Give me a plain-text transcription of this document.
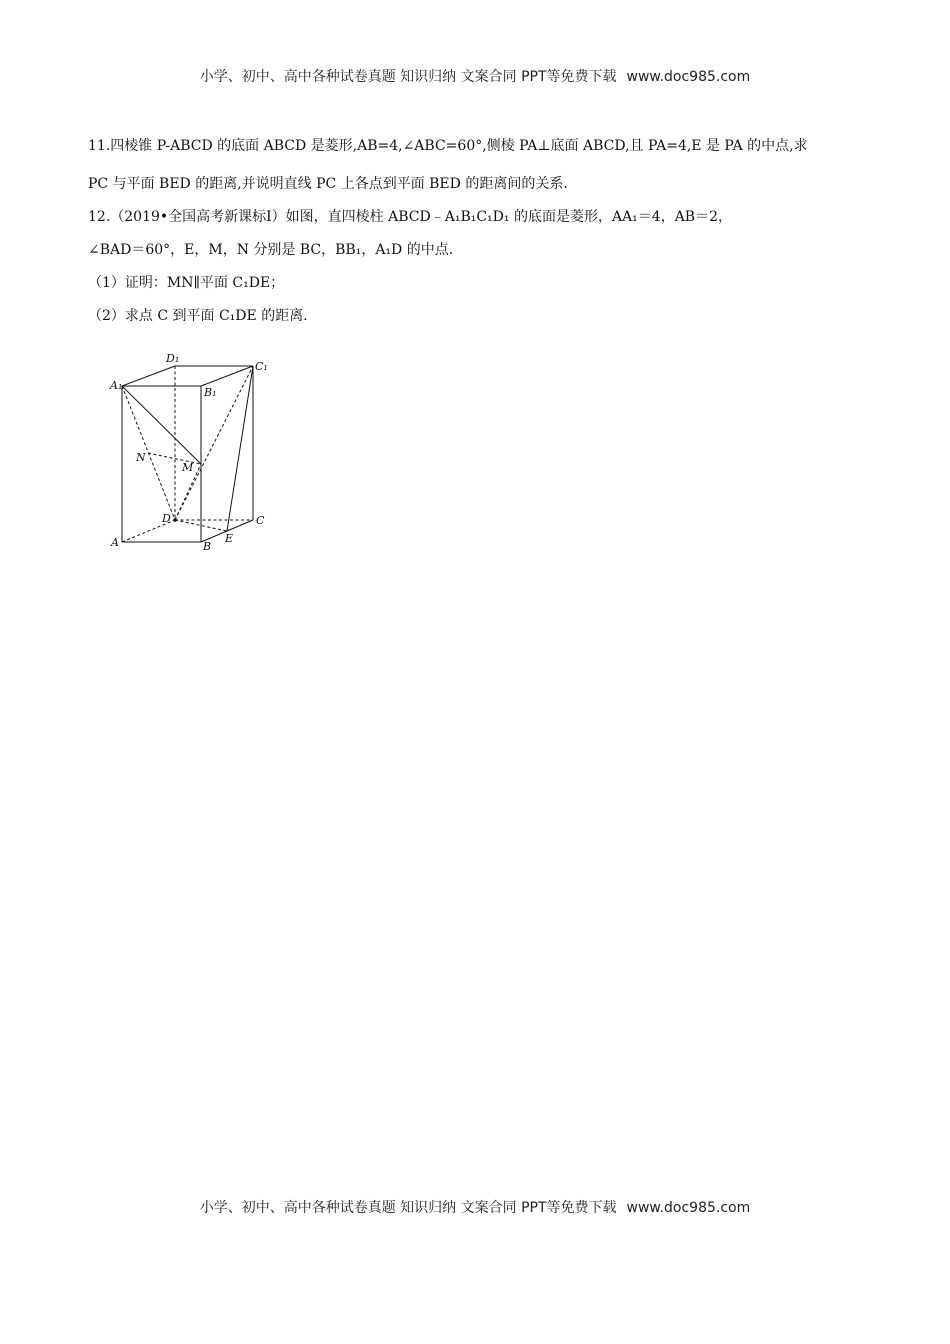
小学、初中、高中各种试卷真题 知识归纳 文案合同 PPT等免费下载 www.doc985.com
11.四棱锥 P-ABCD 的底面 ABCD 是菱形,AB=4,∠ABC=60°,侧棱 PA⊥底面 ABCD,且 PA=4,E 是 PA 的中点,求
PC 与平面 BED 的距离,并说明直线 PC 上各点到平面 BED 的距离间的关系.
12.（2019•全国高考新课标Ⅰ）如图，直四棱柱 ABCD﹣A₁B₁C₁D₁ 的底面是菱形，AA₁＝4，AB＝2，
∠BAD＝60°，E，M，N 分别是 BC，BB₁，A₁D 的中点．
（1）证明：MN∥平面 C₁DE；
（2）求点 C 到平面 C₁DE 的距离．
D₁
C₁
A₁
B₁
N
M
D	C
A	B
E
小学、初中、高中各种试卷真题 知识归纳 文案合同 PPT等免费下载 www.doc985.com
